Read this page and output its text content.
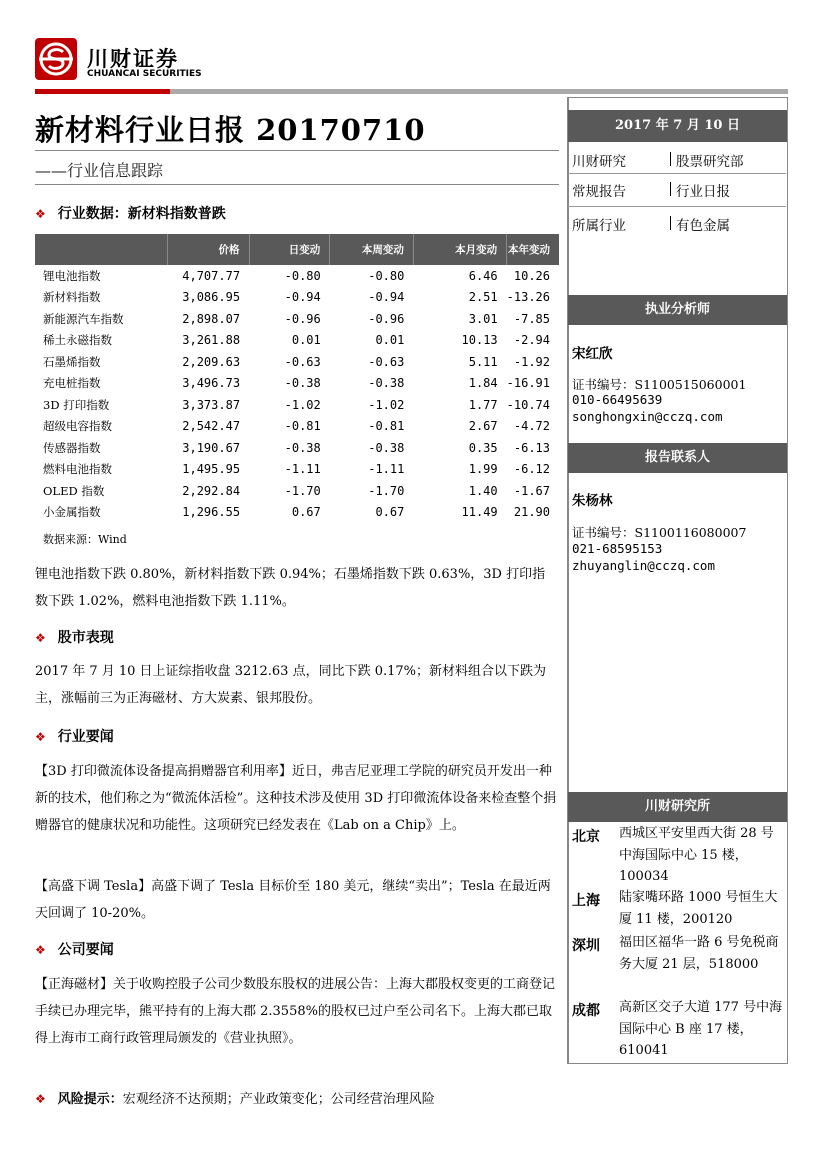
川财证券
CHUANCAI SECURITIES
新材料行业日报 20170710
——行业信息跟踪
❖ 行业数据：新材料指数普跌
	价格	日变动	本周变动	本月变动	本年变动
锂电池指数	4,707.77	-0.80	-0.80	6.46	10.26
新材料指数	3,086.95	-0.94	-0.94	2.51	-13.26
新能源汽车指数	2,898.07	-0.96	-0.96	3.01	-7.85
稀土永磁指数	3,261.88	0.01	0.01	10.13	-2.94
石墨烯指数	2,209.63	-0.63	-0.63	5.11	-1.92
充电桩指数	3,496.73	-0.38	-0.38	1.84	-16.91
3D 打印指数	3,373.87	-1.02	-1.02	1.77	-10.74
超级电容指数	2,542.47	-0.81	-0.81	2.67	-4.72
传感器指数	3,190.67	-0.38	-0.38	0.35	-6.13
燃料电池指数	1,495.95	-1.11	-1.11	1.99	-6.12
OLED 指数	2,292.84	-1.70	-1.70	1.40	-1.67
小金属指数	1,296.55	0.67	0.67	11.49	21.90
数据来源：Wind
锂电池指数下跌 0.80%，新材料指数下跌 0.94%；石墨烯指数下跌 0.63%，3D 打印指数下跌 1.02%，燃料电池指数下跌 1.11%。
❖ 股市表现
2017 年 7 月 10 日上证综指收盘 3212.63 点，同比下跌 0.17%；新材料组合以下跌为主，涨幅前三为正海磁材、方大炭素、银邦股份。
❖ 行业要闻
【3D 打印微流体设备提高捐赠器官利用率】近日，弗吉尼亚理工学院的研究员开发出一种新的技术，他们称之为“微流体活检”。这种技术涉及使用 3D 打印微流体设备来检查整个捐赠器官的健康状况和功能性。这项研究已经发表在《Lab on a Chip》上。
【高盛下调 Tesla】高盛下调了 Tesla 目标价至 180 美元，继续“卖出”；Tesla 在最近两天回调了 10-20%。
❖ 公司要闻
【正海磁材】关于收购控股子公司少数股东股权的进展公告：上海大郡股权变更的工商登记手续已办理完毕，熊平持有的上海大郡 2.3558%的股权已过户至公司名下。上海大郡已取得上海市工商行政管理局颁发的《营业执照》。
❖ 风险提示：宏观经济不达预期；产业政策变化；公司经营治理风险
2017 年 7 月 10 日
川财研究	股票研究部
常规报告	行业日报
所属行业	有色金属
执业分析师
宋红欣
证书编号：S1100515060001
010-66495639
songhongxin@cczq.com
报告联系人
朱杨林
证书编号：S1100116080007
021-68595153
zhuyanglin@cczq.com
川财研究所
北京 西城区平安里西大街 28 号中海国际中心 15 楼，100034
上海 陆家嘴环路 1000 号恒生大厦 11 楼，200120
深圳 福田区福华一路 6 号免税商务大厦 21 层，518000
成都 高新区交子大道 177 号中海国际中心 B 座 17 楼，610041
